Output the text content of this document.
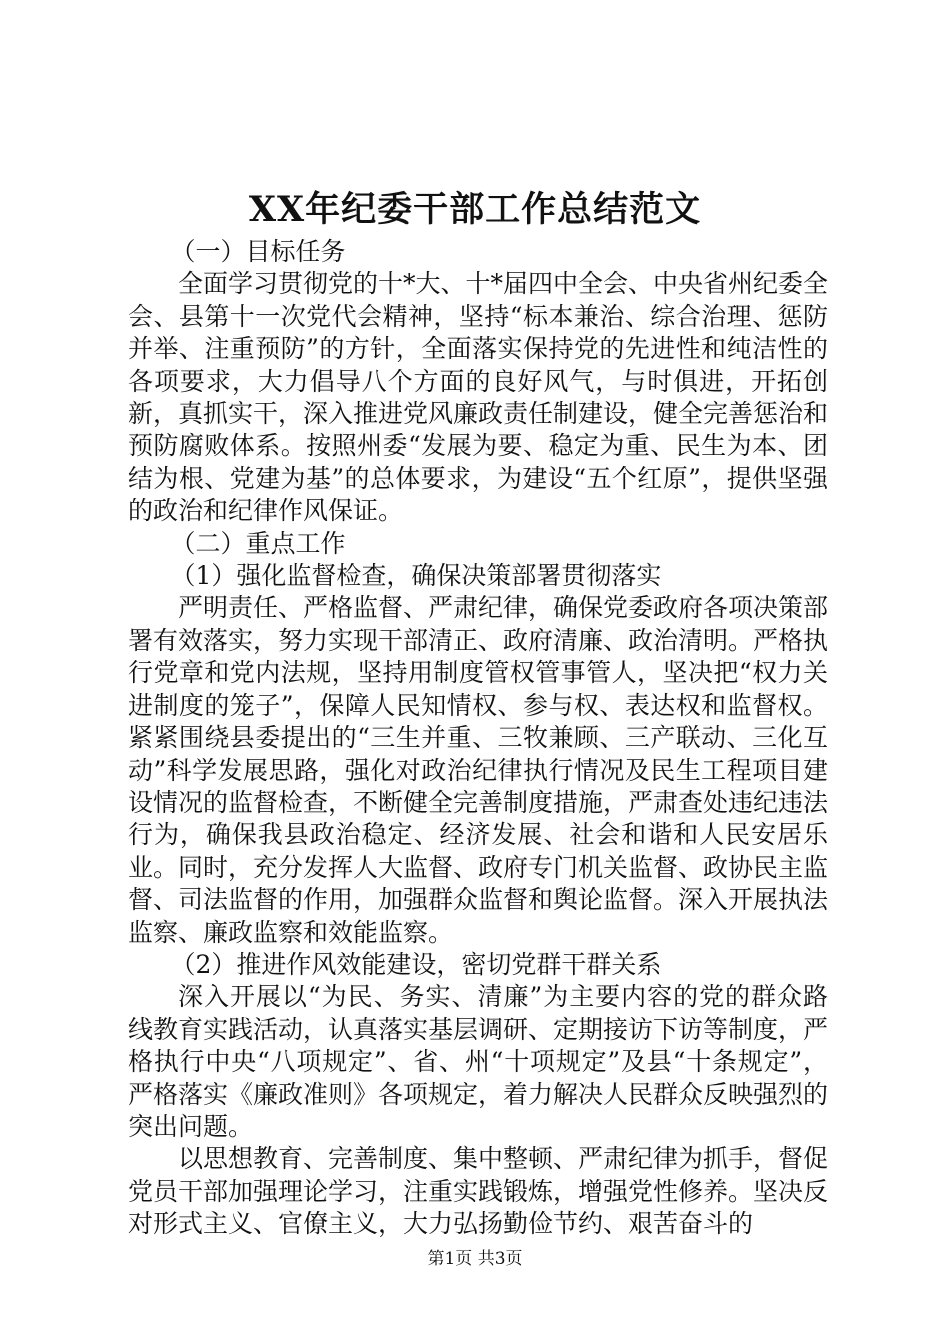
XX年纪委干部工作总结范文
（一）目标任务

全面学习贯彻党的十*大、十*届四中全会、中央省州纪委全会、县第十一次党代会精神，坚持“标本兼治、综合治理、惩防并举、注重预防”的方针，全面落实保持党的先进性和纯洁性的各项要求，大力倡导八个方面的良好风气，与时俱进，开拓创新，真抓实干，深入推进党风廉政责任制建设，健全完善惩治和预防腐败体系。按照州委“发展为要、稳定为重、民生为本、团结为根、党建为基”的总体要求，为建设“五个红原”，提供坚强的政治和纪律作风保证。

（二）重点工作
（1）强化监督检查，确保决策部署贯彻落实

严明责任、严格监督、严肃纪律，确保党委政府各项决策部署有效落实，努力实现干部清正、政府清廉、政治清明。严格执行党章和党内法规，坚持用制度管权管事管人，坚决把“权力关进制度的笼子”，保障人民知情权、参与权、表达权和监督权。紧紧围绕县委提出的“三生并重、三牧兼顾、三产联动、三化互动”科学发展思路，强化对政治纪律执行情况及民生工程项目建设情况的监督检查，不断健全完善制度措施，严肃查处违纪违法行为，确保我县政治稳定、经济发展、社会和谐和人民安居乐业。同时，充分发挥人大监督、政府专门机关监督、政协民主监督、司法监督的作用，加强群众监督和舆论监督。深入开展执法监察、廉政监察和效能监察。

（2）推进作风效能建设，密切党群干群关系

深入开展以“为民、务实、清廉”为主要内容的党的群众路线教育实践活动，认真落实基层调研、定期接访下访等制度，严格执行中央“八项规定”、省、州“十项规定”及县“十条规定”，严格落实《廉政准则》各项规定，着力解决人民群众反映强烈的突出问题。

以思想教育、完善制度、集中整顿、严肃纪律为抓手，督促党员干部加强理论学习，注重实践锻炼，增强党性修养。坚决反对形式主义、官僚主义，大力弘扬勤俭节约、艰苦奋斗的

第1页 共3页
